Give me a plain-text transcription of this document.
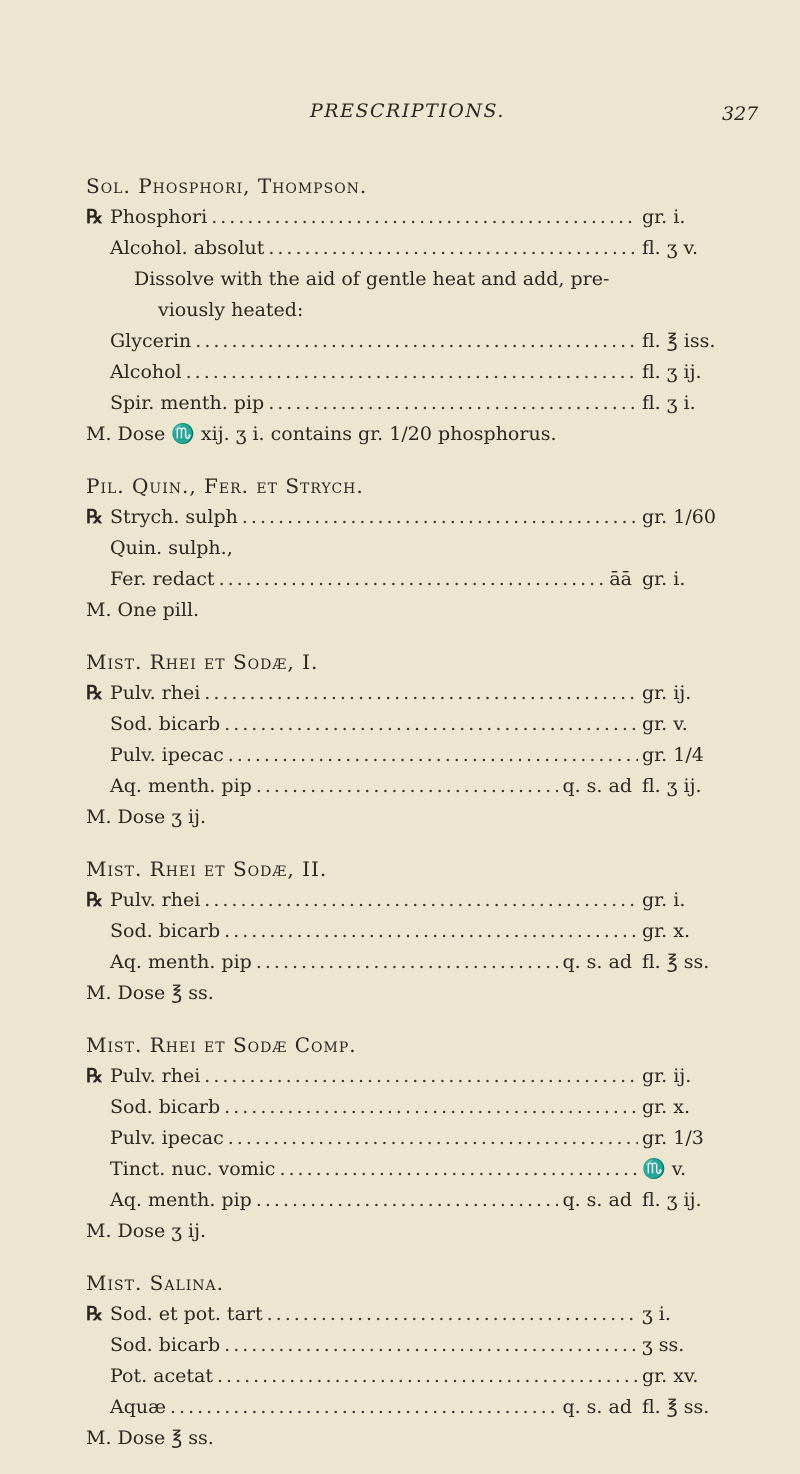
PRESCRIPTIONS.	327
Sol. Phosphori, Thompson.
℞ Phosphori .....	gr. i.
Alcohol. absolut .....	fl. ʒ v.
Dissolve with the aid of gentle heat and add, pre-
viously heated:
Glycerin .....	fl. ℥ iss.
Alcohol .....	fl. ʒ ij.
Spir. menth. pip .....	fl. ʒ i.
M. Dose ♏ xij. ʒ i. contains gr. 1/20 phosphorus.
Pil. Quin., Fer. et Strych.
℞ Strych. sulph .....	gr. 1/60
Quin. sulph.,
Fer. redact .....	āā gr. i.
M. One pill.
Mist. Rhei et Sodæ, I.
℞ Pulv. rhei .....	gr. ij.
Sod. bicarb .....	gr. v.
Pulv. ipecac .....	gr. 1/4
Aq. menth. pip .....	q. s. ad fl. ʒ ij.
M. Dose ʒ ij.
Mist. Rhei et Sodæ, II.
℞ Pulv. rhei .....	gr. i.
Sod. bicarb .....	gr. x.
Aq. menth. pip .....	q. s. ad fl. ℥ ss.
M. Dose ℥ ss.
Mist. Rhei et Sodæ Comp.
℞ Pulv. rhei .....	gr. ij.
Sod. bicarb .....	gr. x.
Pulv. ipecac .....	gr. 1/3
Tinct. nuc. vomic .....	♏ v.
Aq. menth. pip .....	q. s. ad fl. ʒ ij.
M. Dose ʒ ij.
Mist. Salina.
℞ Sod. et pot. tart .....	ʒ i.
Sod. bicarb .....	ʒ ss.
Pot. acetat .....	gr. xv.
Aquæ .....	q. s. ad fl. ℥ ss.
M. Dose ℥ ss.
